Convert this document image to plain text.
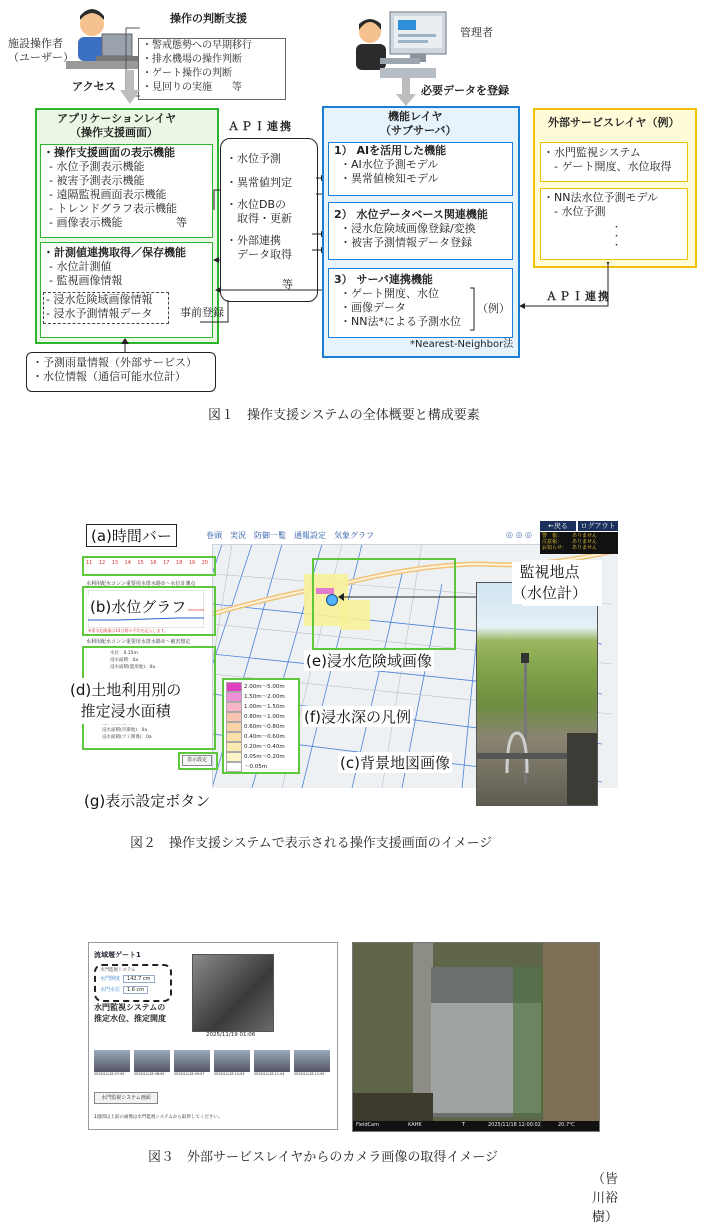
施設操作者
（ユーザー）
操作の判断支援
・警戒態勢への早期移行
・排水機場の操作判断
・ゲート操作の判断
・見回りの実施　　等
アクセス
管理者
必要データを登録
アプリケーションレイヤ
（操作支援画面）
・操作支援画面の表示機能
- 水位予測表示機能
- 被害予測表示機能
- 遠隔監視画面表示機能
- トレンドグラフ表示機能
- 画像表示機能	等
・計測値連携取得／保存機能
- 水位計測値
- 監視画像情報
- 浸水危険域画像情報
- 浸水予測情報データ	事前登録
ＡＰＩ連携
・水位予測
・異常値判定
・水位DBの
　取得・更新
・外部連携
　データ取得
等
機能レイヤ
（サブサーバ）
1） AIを活用した機能
・AI水位予測モデル
・異常値検知モデル
2） 水位データベース関連機能
・浸水危険域画像登録/変換
・被害予測情報データ登録
3） サーバ連携機能
・ゲート開度、水位
・画像データ
・NN法*による予測水位
（例）
*Nearest-Neighbor法
外部サービスレイヤ（例）
・水門監視システム
　- ゲート開度、水位取得
・NN法水位予測モデル
　- 水位予測
・
・
・
ＡＰＩ連携
・予測雨量情報（外部サービス）
・水位情報（通信可能水位計）
図１　操作支援システムの全体概要と構成要素
巻頭 実況 防御一覧 通報設定 気象グラフ	◎ ◎ ◎
←戻る	ログアウト
警　報：	ありません
注意報：	ありません
お知らせ：	ありません
11 12 13 14 15 16 17 18 19 20
水利用配水コンン重要用水排水路①～水位計測点
※重水危険量は14日間の平均を記入します。
水利用配水コンン重要用水排水路①～被害想定
水位：0.15m
浸水面積：0a
浸水面積(農用地)：0a
浸水面積(市街地)：0a
浸水面積(ゴミ関係)：0a
表示設定
2.00m～5.00m
1.50m～2.00m
1.00m～1.50m
0.80m～1.00m
0.60m～0.80m
0.40m～0.60m
0.20m～0.40m
0.05m～0.20m
～0.05m
監視地点
（水位計）
(a)時間バー
(b)水位グラフ
(d)土地利用別の
推定浸水面積
(e)浸水危険域画像
(f)浸水深の凡例
(c)背景地図画像
(g)表示設定ボタン
図２　操作支援システムで表示される操作支援画面のイメージ
流域堰ゲート1
水門監視システム
水門開度	142.7 cm
水門水位	1.6 cm
水門監視システムの
推定水位、推定開度
2025/11/19 01:06
2025/11/18 07:05	2025/11/18 08:05	2025/11/18 09:07	2025/11/18 10:03	2025/11/18 11:04	2025/11/18 12:05
水門監視システム画面
1週間以上前の画像は水門監視システムから取得してください。
FieldCam	KAHK	T	2025/11/18 12:00:02	20.7℃
図３　外部サービスレイヤからのカメラ画像の取得イメージ
（皆川裕樹）
